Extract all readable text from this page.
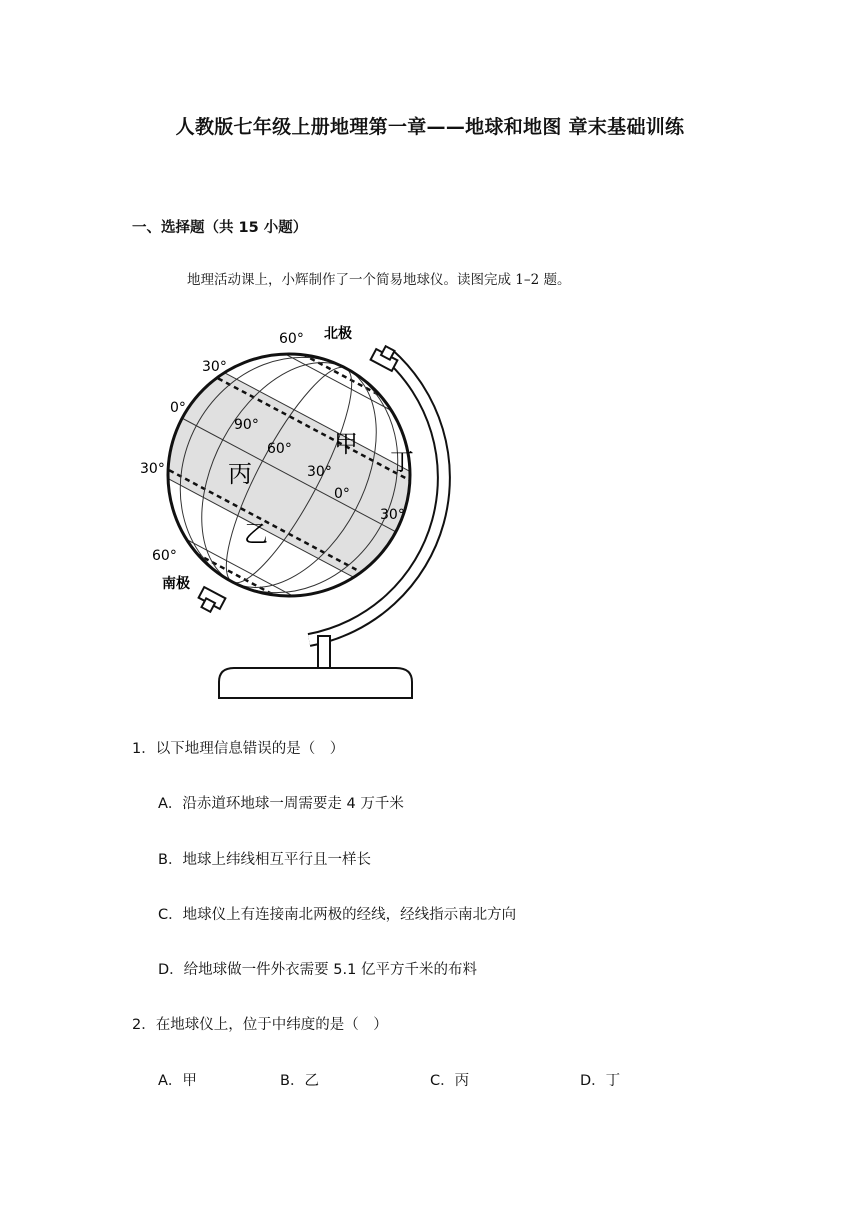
人教版七年级上册地理第一章——地球和地图 章末基础训练
一、选择题（共 15 小题）
地理活动课上，小辉制作了一个简易地球仪。读图完成 1–2 题。
北极
南极
甲
丁
丙
乙
60°
30°
0°
30°
60°
90°
60°
30°
0°
30°
1．以下地理信息错误的是（　）
A．沿赤道环地球一周需要走 4 万千米
B．地球上纬线相互平行且一样长
C．地球仪上有连接南北两极的经线，经线指示南北方向
D．给地球做一件外衣需要 5.1 亿平方千米的布料
2．在地球仪上，位于中纬度的是（　）
A．甲	B．乙	C．丙	D．丁
